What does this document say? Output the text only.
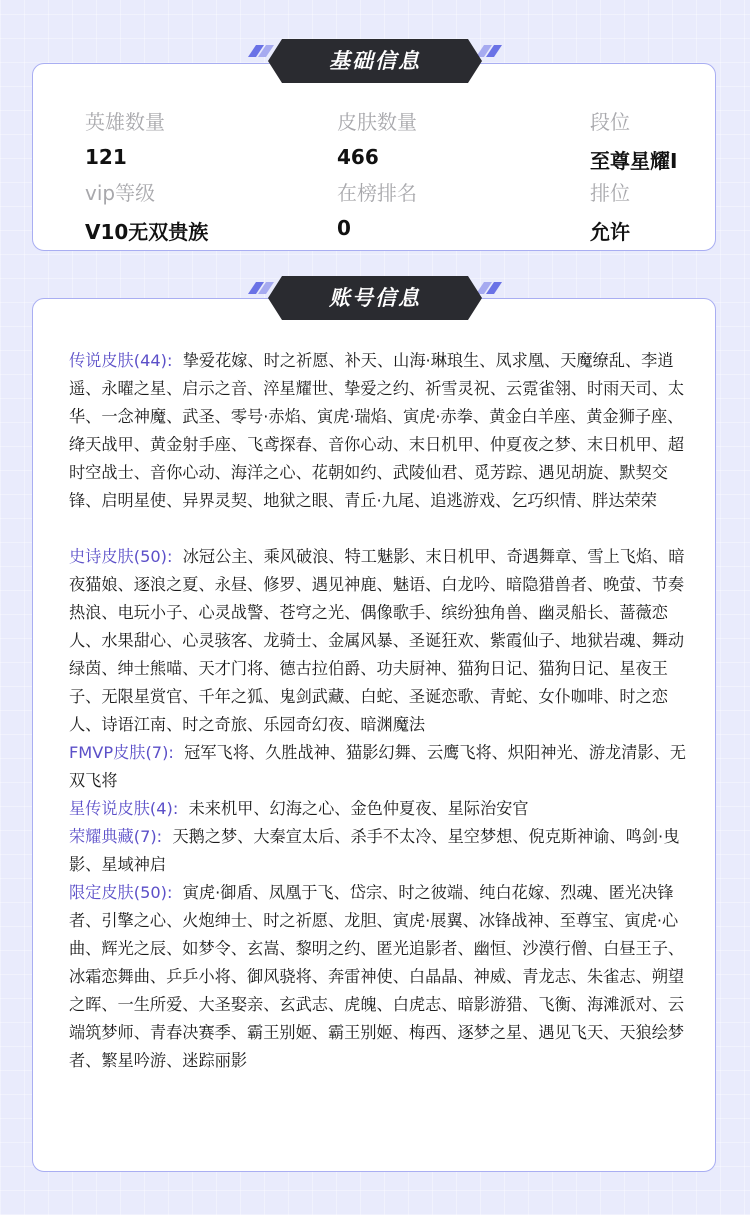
英雄数量
121
皮肤数量
466
段位
至尊星耀I
vip等级
V10无双贵族
在榜排名
0
排位
允许
传说皮肤(44): 挚爱花嫁、时之祈愿、补天、山海·琳琅生、凤求凰、天魔缭乱、李逍遥、永曜之星、启示之音、淬星耀世、挚爱之约、祈雪灵祝、云霓雀翎、时雨天司、太华、一念神魔、武圣、零号·赤焰、寅虎·瑞焰、寅虎·赤拳、黄金白羊座、黄金狮子座、绛天战甲、黄金射手座、飞鸢探春、音你心动、末日机甲、仲夏夜之梦、末日机甲、超时空战士、音你心动、海洋之心、花朝如约、武陵仙君、觅芳踪、遇见胡旋、默契交锋、启明星使、异界灵契、地狱之眼、青丘·九尾、追逃游戏、乞巧织情、胖达荣荣
史诗皮肤(50): 冰冠公主、乘风破浪、特工魅影、末日机甲、奇遇舞章、雪上飞焰、暗夜猫娘、逐浪之夏、永昼、修罗、遇见神鹿、魅语、白龙吟、暗隐猎兽者、晚萤、节奏热浪、电玩小子、心灵战警、苍穹之光、偶像歌手、缤纷独角兽、幽灵船长、蔷薇恋人、水果甜心、心灵骇客、龙骑士、金属风暴、圣诞狂欢、紫霞仙子、地狱岩魂、舞动绿茵、绅士熊喵、天才门将、德古拉伯爵、功夫厨神、猫狗日记、猫狗日记、星夜王子、无限星赏官、千年之狐、鬼剑武藏、白蛇、圣诞恋歌、青蛇、女仆咖啡、时之恋人、诗语江南、时之奇旅、乐园奇幻夜、暗渊魔法
FMVP皮肤(7): 冠军飞将、久胜战神、猫影幻舞、云鹰飞将、炽阳神光、游龙清影、无双飞将
星传说皮肤(4): 未来机甲、幻海之心、金色仲夏夜、星际治安官
荣耀典藏(7): 天鹅之梦、大秦宣太后、杀手不太冷、星空梦想、倪克斯神谕、鸣剑·曳影、星域神启
限定皮肤(50): 寅虎·御盾、凤凰于飞、岱宗、时之彼端、纯白花嫁、烈魂、匿光决锋者、引擎之心、火炮绅士、时之祈愿、龙胆、寅虎·展翼、冰锋战神、至尊宝、寅虎·心曲、辉光之辰、如梦令、玄嵩、黎明之约、匿光追影者、幽恒、沙漠行僧、白昼王子、冰霜恋舞曲、乒乒小将、御风骁将、奔雷神使、白晶晶、神威、青龙志、朱雀志、朔望之晖、一生所爱、大圣娶亲、玄武志、虎魄、白虎志、暗影游猎、飞衡、海滩派对、云端筑梦师、青春决赛季、霸王别姬、霸王别姬、梅西、逐梦之星、遇见飞天、天狼绘梦者、繁星吟游、迷踪丽影
基础信息
账号信息
